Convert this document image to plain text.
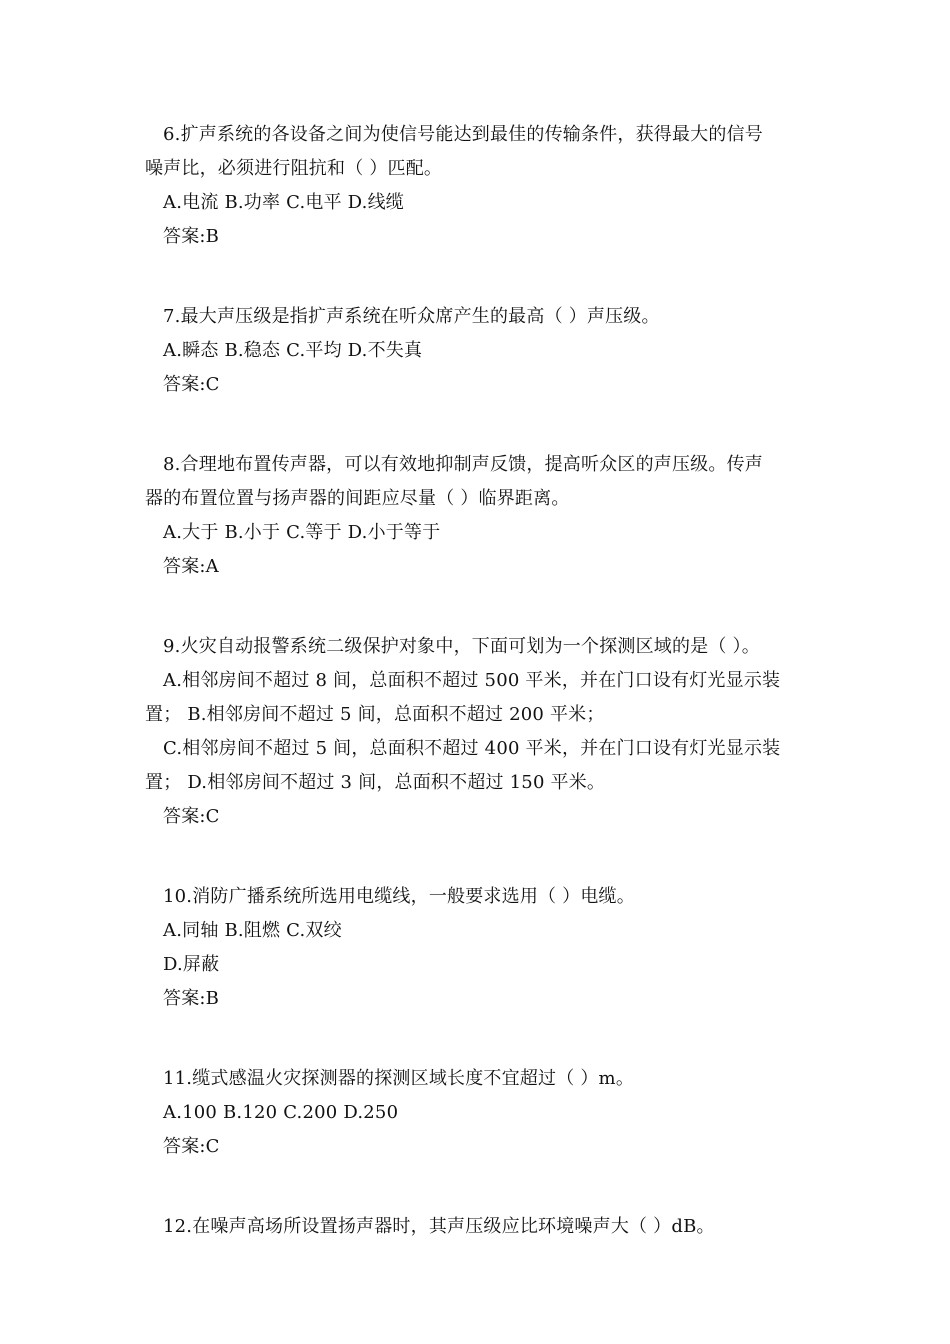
6.扩声系统的各设备之间为使信号能达到最佳的传输条件，获得最大的信号
噪声比，必须进行阻抗和（ ）匹配。
A.电流 B.功率 C.电平 D.线缆
答案:B
7.最大声压级是指扩声系统在听众席产生的最高（ ）声压级。
A.瞬态 B.稳态 C.平均 D.不失真
答案:C
8.合理地布置传声器，可以有效地抑制声反馈，提高听众区的声压级。传声
器的布置位置与扬声器的间距应尽量（ ）临界距离。
A.大于 B.小于 C.等于 D.小于等于
答案:A
9.火灾自动报警系统二级保护对象中，下面可划为一个探测区域的是（ ）。
A.相邻房间不超过 8 间，总面积不超过 500 平米，并在门口设有灯光显示装
置； B.相邻房间不超过 5 间，总面积不超过 200 平米；
C.相邻房间不超过 5 间，总面积不超过 400 平米，并在门口设有灯光显示装
置； D.相邻房间不超过 3 间，总面积不超过 150 平米。
答案:C
10.消防广播系统所选用电缆线，一般要求选用（ ）电缆。
A.同轴 B.阻燃 C.双绞
D.屏蔽
答案:B
11.缆式感温火灾探测器的探测区域长度不宜超过（ ）m。
A.100 B.120 C.200 D.250
答案:C
12.在噪声高场所设置扬声器时，其声压级应比环境噪声大（ ）dB。
